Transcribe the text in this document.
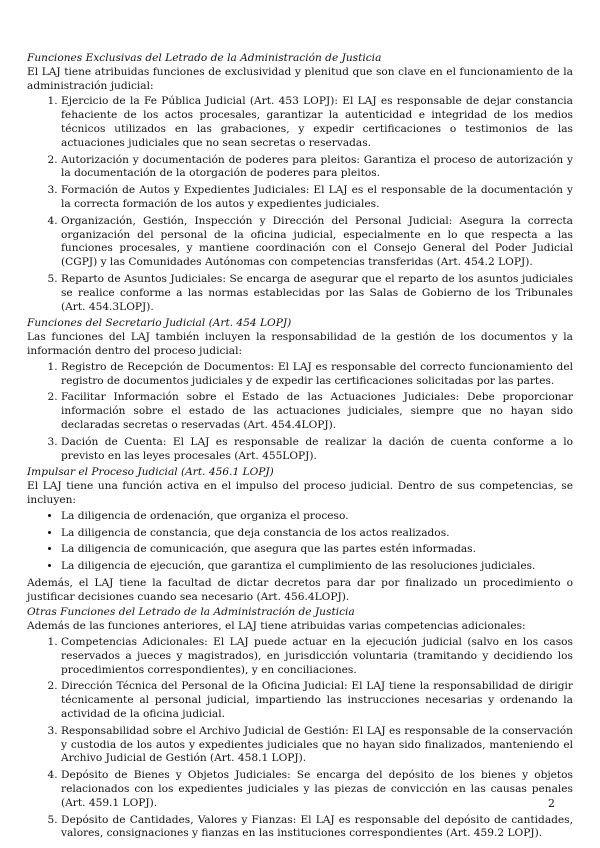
Funciones Exclusivas del Letrado de la Administración de Justicia

El LAJ tiene atribuidas funciones de exclusividad y plenitud que son clave en el funcionamiento de la administración judicial:

1. Ejercicio de la Fe Pública Judicial (Art. 453 LOPJ): El LAJ es responsable de dejar constancia fehaciente de los actos procesales, garantizar la autenticidad e integridad de los medios técnicos utilizados en las grabaciones, y expedir certificaciones o testimonios de las actuaciones judiciales que no sean secretas o reservadas.
2. Autorización y documentación de poderes para pleitos: Garantiza el proceso de autorización y la documentación de la otorgación de poderes para pleitos.
3. Formación de Autos y Expedientes Judiciales: El LAJ es el responsable de la documentación y la correcta formación de los autos y expedientes judiciales.
4. Organización, Gestión, Inspección y Dirección del Personal Judicial: Asegura la correcta organización del personal de la oficina judicial, especialmente en lo que respecta a las funciones procesales, y mantiene coordinación con el Consejo General del Poder Judicial (CGPJ) y las Comunidades Autónomas con competencias transferidas (Art. 454.2 LOPJ).
5. Reparto de Asuntos Judiciales: Se encarga de asegurar que el reparto de los asuntos judiciales se realice conforme a las normas establecidas por las Salas de Gobierno de los Tribunales (Art. 454.3LOPJ).

Funciones del Secretario Judicial (Art. 454 LOPJ)

Las funciones del LAJ también incluyen la responsabilidad de la gestión de los documentos y la información dentro del proceso judicial:

1. Registro de Recepción de Documentos: El LAJ es responsable del correcto funcionamiento del registro de documentos judiciales y de expedir las certificaciones solicitadas por las partes.
2. Facilitar Información sobre el Estado de las Actuaciones Judiciales: Debe proporcionar información sobre el estado de las actuaciones judiciales, siempre que no hayan sido declaradas secretas o reservadas (Art. 454.4LOPJ).
3. Dación de Cuenta: El LAJ es responsable de realizar la dación de cuenta conforme a lo previsto en las leyes procesales (Art. 455LOPJ).

Impulsar el Proceso Judicial (Art. 456.1 LOPJ)

El LAJ tiene una función activa en el impulso del proceso judicial. Dentro de sus competencias, se incluyen:

• La diligencia de ordenación, que organiza el proceso.
• La diligencia de constancia, que deja constancia de los actos realizados.
• La diligencia de comunicación, que asegura que las partes estén informadas.
• La diligencia de ejecución, que garantiza el cumplimiento de las resoluciones judiciales.

Además, el LAJ tiene la facultad de dictar decretos para dar por finalizado un procedimiento o justificar decisiones cuando sea necesario (Art. 456.4LOPJ).

Otras Funciones del Letrado de la Administración de Justicia

Además de las funciones anteriores, el LAJ tiene atribuidas varias competencias adicionales:

1. Competencias Adicionales: El LAJ puede actuar en la ejecución judicial (salvo en los casos reservados a jueces y magistrados), en jurisdicción voluntaria (tramitando y decidiendo los procedimientos correspondientes), y en conciliaciones.
2. Dirección Técnica del Personal de la Oficina Judicial: El LAJ tiene la responsabilidad de dirigir técnicamente al personal judicial, impartiendo las instrucciones necesarias y ordenando la actividad de la oficina judicial.
3. Responsabilidad sobre el Archivo Judicial de Gestión: El LAJ es responsable de la conservación y custodia de los autos y expedientes judiciales que no hayan sido finalizados, manteniendo el Archivo Judicial de Gestión (Art. 458.1 LOPJ).
4. Depósito de Bienes y Objetos Judiciales: Se encarga del depósito de los bienes y objetos relacionados con los expedientes judiciales y las piezas de convicción en las causas penales (Art. 459.1 LOPJ).
5. Depósito de Cantidades, Valores y Fianzas: El LAJ es responsable del depósito de cantidades, valores, consignaciones y fianzas en las instituciones correspondientes (Art. 459.2 LOPJ).
2
